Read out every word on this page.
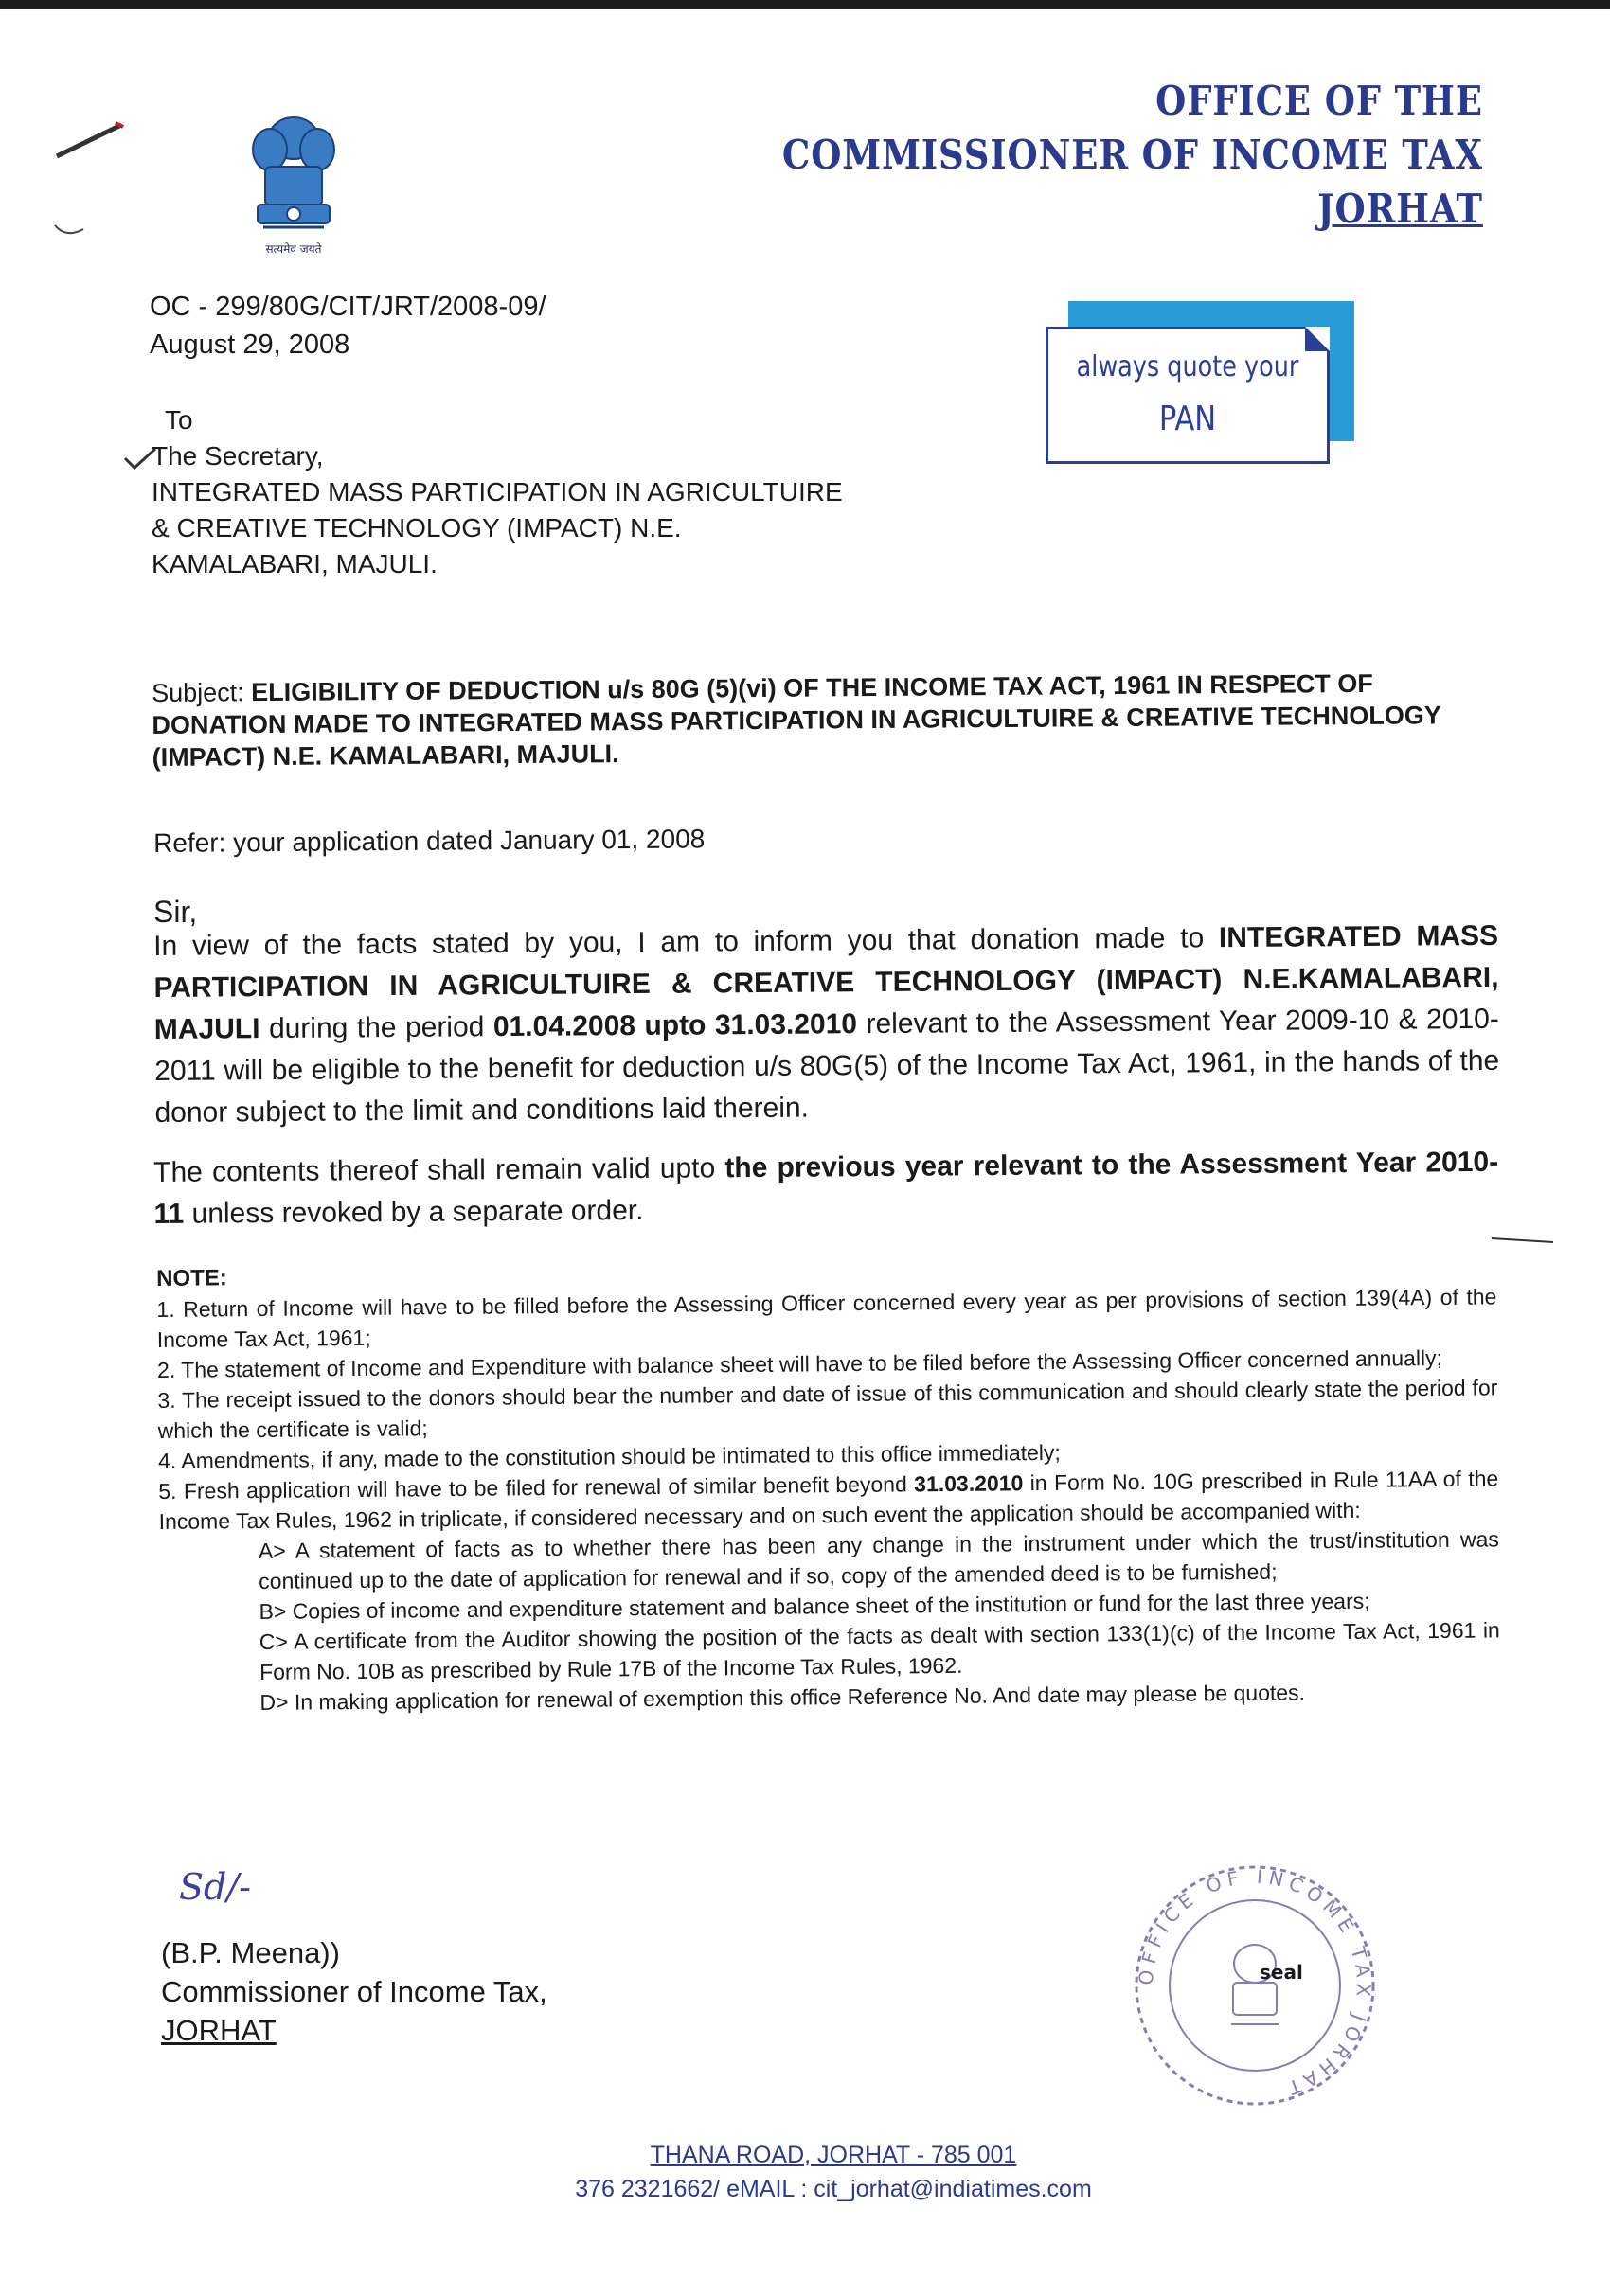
सत्यमेव जयते
OFFICE OF THE
COMMISSIONER OF INCOME TAX
JORHAT
OC - 299/80G/CIT/JRT/2008-09/
August 29, 2008
always quote your
PAN
To
The Secretary,
INTEGRATED MASS PARTICIPATION IN AGRICULTUIRE
& CREATIVE TECHNOLOGY (IMPACT) N.E.
KAMALABARI, MAJULI.
Subject: ELIGIBILITY OF DEDUCTION u/s 80G (5)(vi) OF THE INCOME TAX ACT, 1961 IN RESPECT OF DONATION MADE TO INTEGRATED MASS PARTICIPATION IN AGRICULTUIRE & CREATIVE TECHNOLOGY (IMPACT) N.E. KAMALABARI, MAJULI.
Refer: your application dated January 01, 2008
Sir,
In view of the facts stated by you, I am to inform you that donation made to INTEGRATED MASS PARTICIPATION IN AGRICULTUIRE & CREATIVE TECHNOLOGY (IMPACT) N.E.KAMALABARI, MAJULI during the period 01.04.2008 upto 31.03.2010 relevant to the Assessment Year 2009-10 & 2010-2011 will be eligible to the benefit for deduction u/s 80G(5) of the Income Tax Act, 1961, in the hands of the donor subject to the limit and conditions laid therein.
The contents thereof shall remain valid upto the previous year relevant to the Assessment Year 2010-11 unless revoked by a separate order.
NOTE:

1. Return of Income will have to be filled before the Assessing Officer concerned every year as per provisions of section 139(4A) of the Income Tax Act, 1961;

2. The statement of Income and Expenditure with balance sheet will have to be filed before the Assessing Officer concerned annually;

3. The receipt issued to the donors should bear the number and date of issue of this communication and should clearly state the period for which the certificate is valid;

4. Amendments, if any, made to the constitution should be intimated to this office immediately;

5. Fresh application will have to be filed for renewal of similar benefit beyond 31.03.2010 in Form No. 10G prescribed in Rule 11AA of the Income Tax Rules, 1962 in triplicate, if considered necessary and on such event the application should be accompanied with:

A> A statement of facts as to whether there has been any change in the instrument under which the trust/institution was continued up to the date of application for renewal and if so, copy of the amended deed is to be furnished;

B> Copies of income and expenditure statement and balance sheet of the institution or fund for the last three years;

C> A certificate from the Auditor showing the position of the facts as dealt with section 133(1)(c) of the Income Tax Act, 1961 in Form No. 10B as prescribed by Rule 17B of the Income Tax Rules, 1962.

D> In making application for renewal of exemption this office Reference No. And date may please be quotes.

Sd/-
(B.P. Meena))
Commissioner of Income Tax,
JORHAT
OFFICE OF INCOME TAX JORHAT
seal
THANA ROAD, JORHAT - 785 001
376 2321662/ eMAIL : cit_jorhat@indiatimes.com
